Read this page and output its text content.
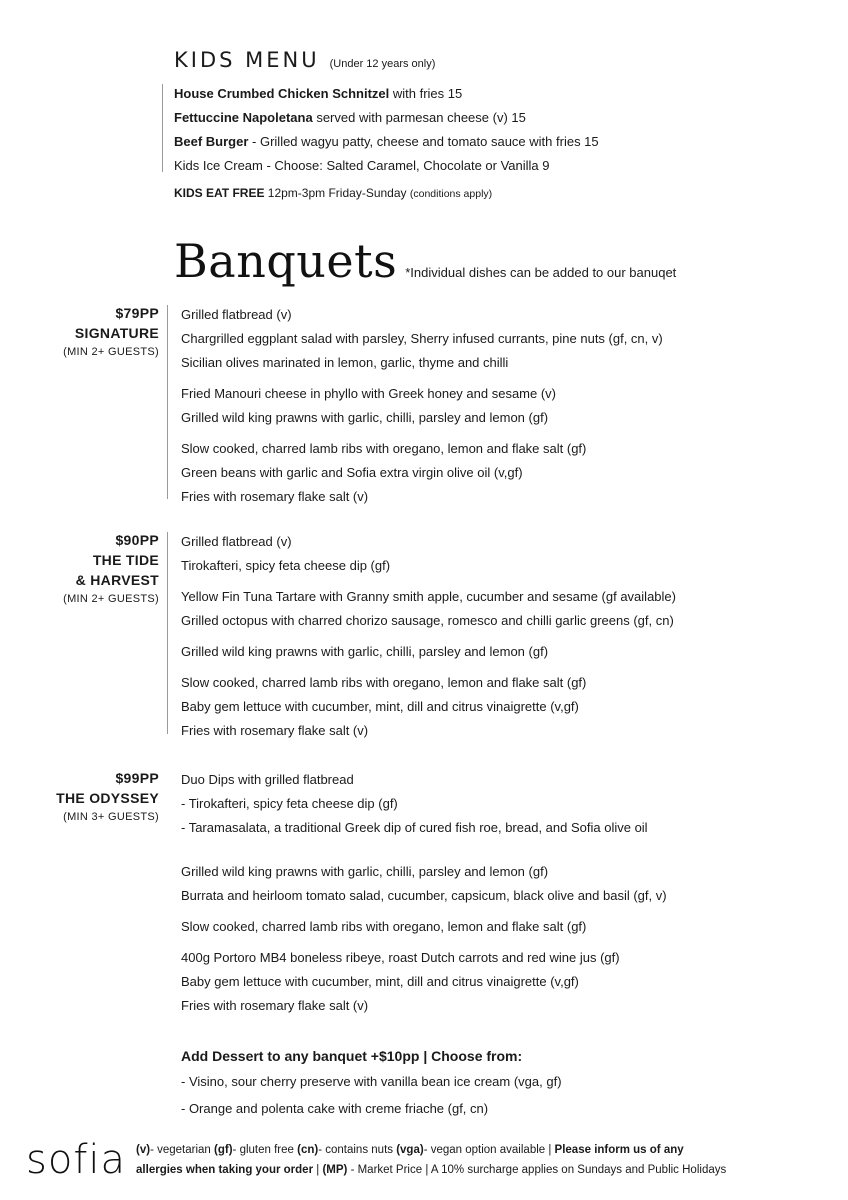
KIDS MENU (Under 12 years only)
House Crumbed Chicken Schnitzel with fries 15
Fettuccine Napoletana served with parmesan cheese (v) 15
Beef Burger - Grilled wagyu patty, cheese and tomato sauce with fries 15
Kids Ice Cream - Choose: Salted Caramel, Chocolate or Vanilla 9
KIDS EAT FREE 12pm-3pm Friday-Sunday (conditions apply)
Banquets *Individual dishes can be added to our banuqet
$79PP
SIGNATURE
(MIN 2+ GUESTS)
Grilled flatbread (v)
Chargrilled eggplant salad with parsley, Sherry infused currants, pine nuts (gf, cn, v)
Sicilian olives marinated in lemon, garlic, thyme and chilli
Fried Manouri cheese in phyllo with Greek honey and sesame (v)
Grilled wild king prawns with garlic, chilli, parsley and lemon (gf)
Slow cooked, charred lamb ribs with oregano, lemon and flake salt (gf)
Green beans with garlic and Sofia extra virgin olive oil (v,gf)
Fries with rosemary flake salt (v)
$90PP
THE TIDE
& HARVEST
(MIN 2+ GUESTS)
Grilled flatbread (v)
Tirokafteri, spicy feta cheese dip (gf)
Yellow Fin Tuna Tartare with Granny smith apple, cucumber and sesame (gf available)
Grilled octopus with charred chorizo sausage, romesco and chilli garlic greens (gf, cn)
Grilled wild king prawns with garlic, chilli, parsley and lemon (gf)
Slow cooked, charred lamb ribs with oregano, lemon and flake salt (gf)
Baby gem lettuce with cucumber, mint, dill and citrus vinaigrette (v,gf)
Fries with rosemary flake salt (v)
$99PP
THE ODYSSEY
(MIN 3+ GUESTS)
Duo Dips with grilled flatbread
- Tirokafteri, spicy feta cheese dip (gf)
- Taramasalata, a traditional Greek dip of cured fish roe, bread, and Sofia olive oil
Grilled wild king prawns with garlic, chilli, parsley and lemon (gf)
Burrata and heirloom tomato salad, cucumber, capsicum, black olive and basil (gf, v)
Slow cooked, charred lamb ribs with oregano, lemon and flake salt (gf)
400g Portoro MB4 boneless ribeye, roast Dutch carrots and red wine jus (gf)
Baby gem lettuce with cucumber, mint, dill and citrus vinaigrette (v,gf)
Fries with rosemary flake salt (v)
Add Dessert to any banquet +$10pp | Choose from:
- Visino, sour cherry preserve with vanilla bean ice cream (vga, gf)
- Orange and polenta cake with creme friache (gf, cn)
sofia (v)- vegetarian (gf)- gluten free (cn)- contains nuts (vga)- vegan option available | Please inform us of any
allergies when taking your order | (MP) - Market Price | A 10% surcharge applies on Sundays and Public Holidays
